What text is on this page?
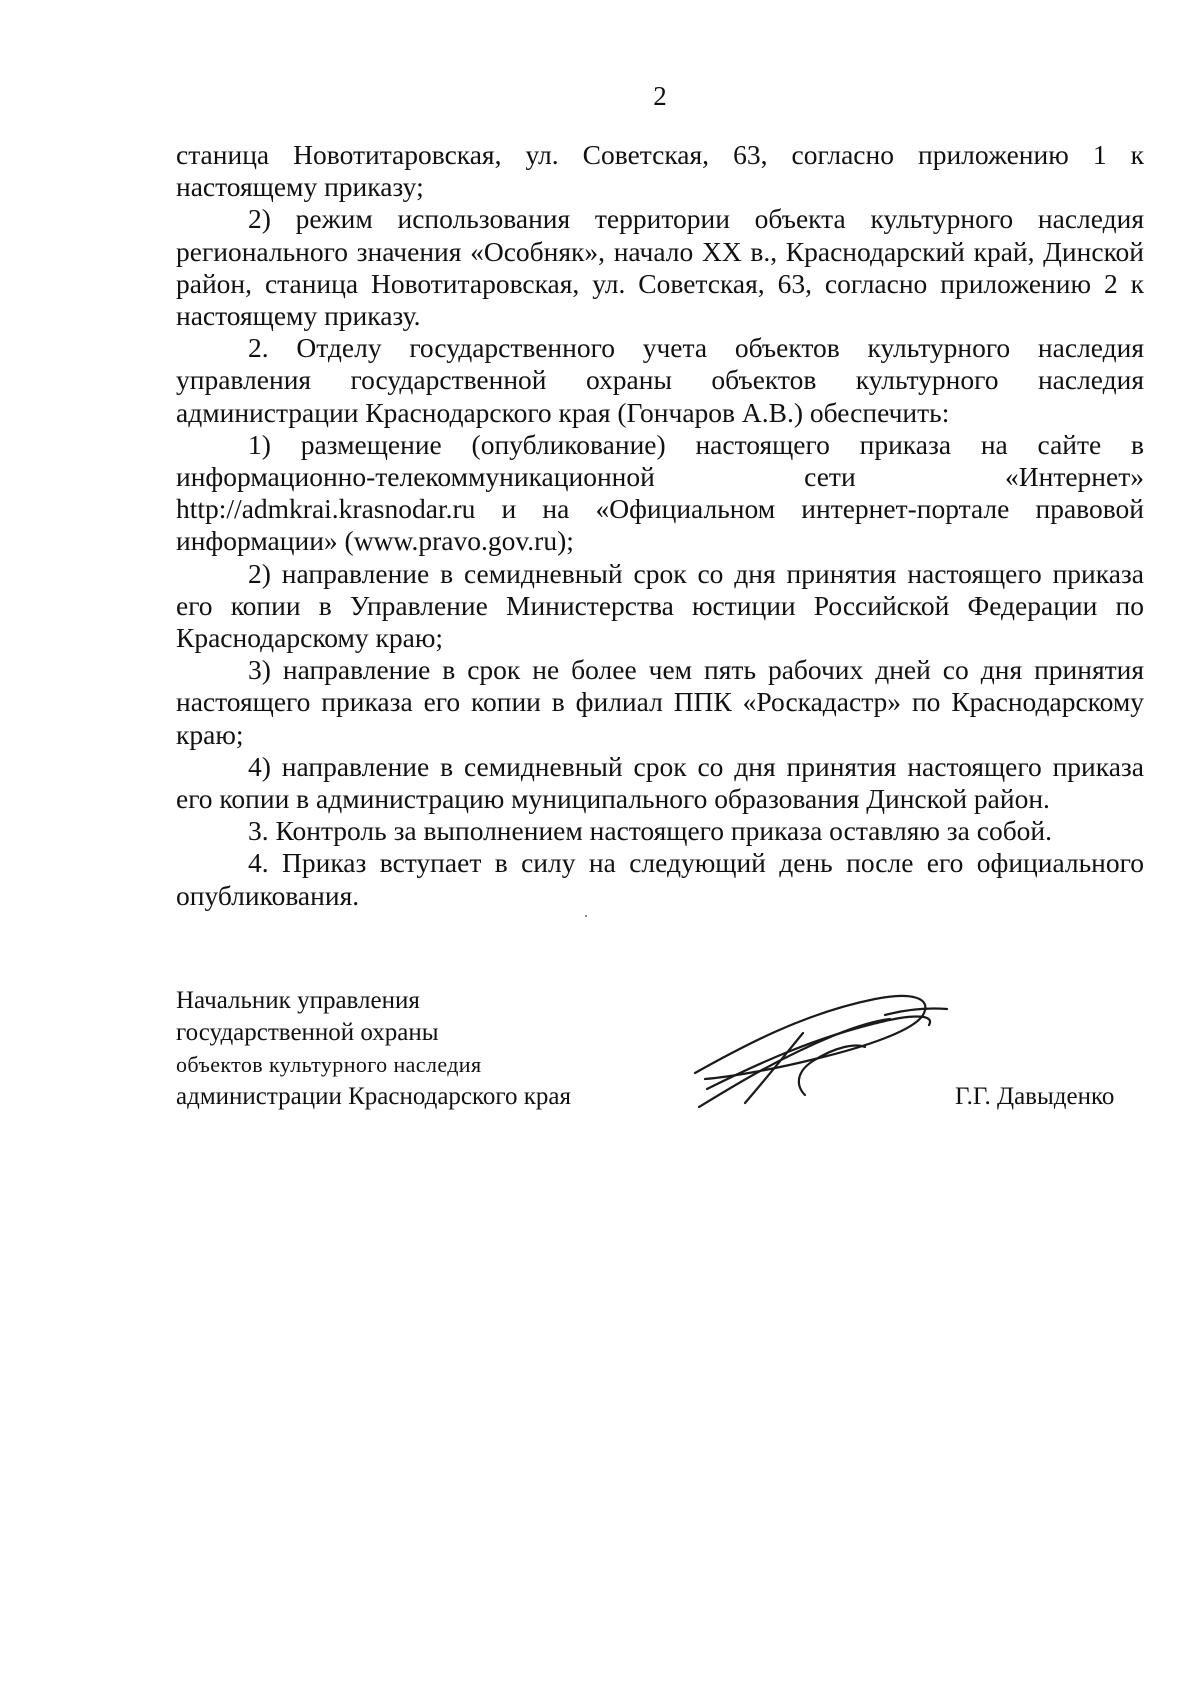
2

станица Новотитаровская, ул. Советская, 63, согласно приложению 1 к настоящему приказу;

2) режим использования территории объекта культурного наследия регионального значения «Особняк», начало XX в., Краснодарский край, Динской район, станица Новотитаровская, ул. Советская, 63, согласно приложению 2 к настоящему приказу.

2. Отделу государственного учета объектов культурного наследия управления государственной охраны объектов культурного наследия администрации Краснодарского края (Гончаров А.В.) обеспечить:

1) размещение (опубликование) настоящего приказа на сайте в информационно-телекоммуникационной сети «Интернет» http://admkrai.krasnodar.ru и на «Официальном интернет-портале правовой информации» (www.pravo.gov.ru);

2) направление в семидневный срок со дня принятия настоящего приказа его копии в Управление Министерства юстиции Российской Федерации по Краснодарскому краю;

3) направление в срок не более чем пять рабочих дней со дня принятия настоящего приказа его копии в филиал ППК «Роскадастр» по Краснодарскому краю;

4) направление в семидневный срок со дня принятия настоящего приказа его копии в администрацию муниципального образования Динской район.

3. Контроль за выполнением настоящего приказа оставляю за собой.

4. Приказ вступает в силу на следующий день после его официального опубликования.

Начальник управления
государственной охраны
объектов культурного наследия
администрации Краснодарского края	Г.Г. Давыденко
